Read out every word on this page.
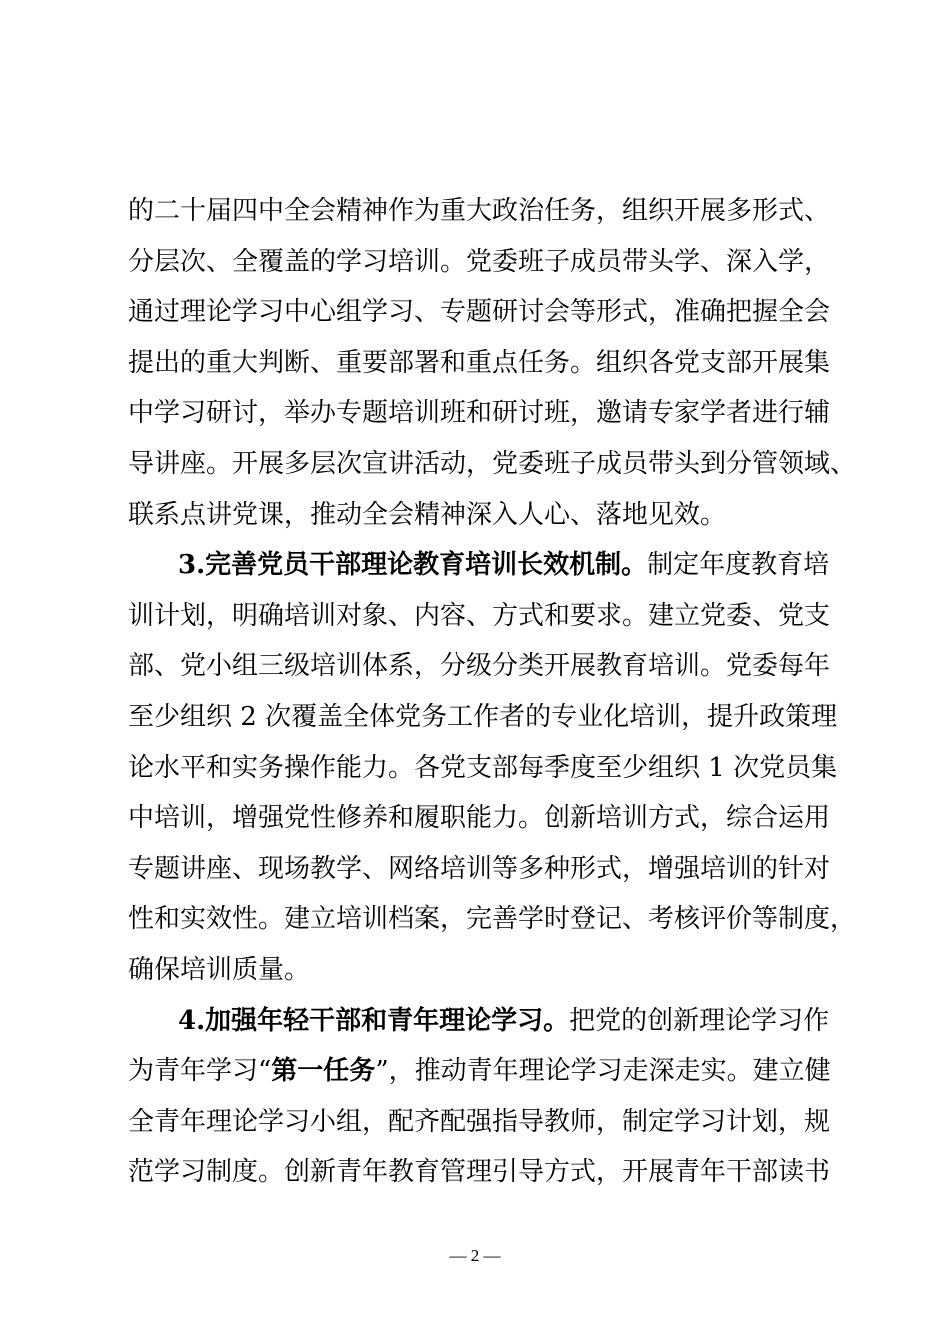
的二十届四中全会精神作为重大政治任务，组织开展多形式、
分层次、全覆盖的学习培训。党委班子成员带头学、深入学，
通过理论学习中心组学习、专题研讨会等形式，准确把握全会
提出的重大判断、重要部署和重点任务。组织各党支部开展集
中学习研讨，举办专题培训班和研讨班，邀请专家学者进行辅
导讲座。开展多层次宣讲活动，党委班子成员带头到分管领域、
联系点讲党课，推动全会精神深入人心、落地见效。
3.完善党员干部理论教育培训长效机制。制定年度教育培
训计划，明确培训对象、内容、方式和要求。建立党委、党支
部、党小组三级培训体系，分级分类开展教育培训。党委每年
至少组织 2 次覆盖全体党务工作者的专业化培训，提升政策理
论水平和实务操作能力。各党支部每季度至少组织 1 次党员集
中培训，增强党性修养和履职能力。创新培训方式，综合运用
专题讲座、现场教学、网络培训等多种形式，增强培训的针对
性和实效性。建立培训档案，完善学时登记、考核评价等制度，
确保培训质量。
4.加强年轻干部和青年理论学习。把党的创新理论学习作
为青年学习“第一任务”，推动青年理论学习走深走实。建立健
全青年理论学习小组，配齐配强指导教师，制定学习计划，规
范学习制度。创新青年教育管理引导方式，开展青年干部读书
— 2 —
